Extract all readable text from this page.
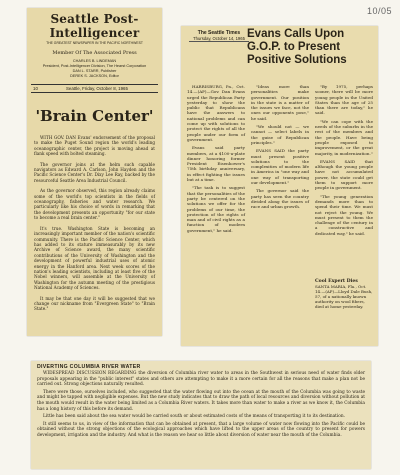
10/05
Seattle Post-Intelligencer
THE GREATEST NEWSPAPER IN THE PACIFIC NORTHWEST
Member Of The Associated Press
CHARLES B. LINDEMAN
President, Post-Intelligencer Division, The Hearst Corporation
DAN L. STARR, Publisher
DEREK S. JACKSON, Editor
10	Seattle, Friday, October 8, 1965
'Brain Center'

WITH GOV. DAN Evans' endorsement of the proposal to make the Puget Sound region the world's leading oceanographic center, the project is moving ahead at flank speed with bolted steaming.

The governor joins at the helm such capable navigators as Edward A. Carlson, John Hayden and the Pacific Science Center's Dr. Dixy Lee Ray, backed by the resourceful Seattle Area Industrial Council.

As the governor observed, this region already claims some of the world's top scientists in the fields of oceanography, fisheries and water research. We particularly like his choice of words in remarking that the development presents an opportunity "for our state to become a real brain center."

It's true. Washington State is becoming an increasingly important member of the nation's scientific community. There is the Pacific Science Center, which has added to its stature immeasurably by its new Archive of Science award, the many scientific contributions of the University of Washington and the development of powerful industrial uses of atomic energy in the Hanford area. Next week scores of the nation's leading scientists, including at least five of the Nobel winners, will assemble at the University of Washington for the autumn meeting of the prestigious National Academy of Sciences.

It may be that one day it will be suggested that we change our nickname from "Evergreen State" to "Brain State."

The Seattle Times
Thursday, October 14, 1965 Evans Calls Upon G.O.P. to Present Positive Solutions

HARRISBURG, Pa., Oct. 14.—(AP)—Gov. Dan Evans urged the Republican Party yesterday to show the public that Republicans have the answers to national problems and can come up with solutions to protect the rights of all the people under our form of government.

Evans said party members, at a $100-a-plate dinner honoring former President Eisenhower's 75th birthday anniversary, in effect fighting the issues but at a time.

"The task is to suggest that the personalities of the party be centered on the solutions we offer for the problems of our time, the protection of the rights of man and of civil rights as a function of modern government," he said.

"Ideas more than personalities make government. Our position in the state is a matter of the issues we face, not the ones our opponents pose," he said.

"We should not — we cannot — select labels in the guise of Republican principles."

EVANS SAID the party must present positive solutions to the complexities of modern life in America in "one way and one way of transporting our development."

The governor said the party has seen the country divided along the issues of race and urban growth.

"By 1975, perhaps sooner, there will be more young people in the United States than the age of 25 than there are today," he said.

"We can cope with the needs of the suburbs in the rest of the members and the people. Have being people exposed to improvement, or the great majority, in modernization."

EVANS SAID that although the young people have not accumulated power, the state could get them to support more people in government.

"The young generation demands more than to spend their time. We must not reject the young. We must present to them the challenge of the century in a constructive and dedicated way," he said.

Cool Expert Dies
SANTA MARIA, Fla., Oct. 14.—(AP)—Lloyd Dale Bush, 57, of a nationally known authority on wool fibers, died at home yesterday.
DIVERTING COLUMBIA RIVER WATER

WIDESPREAD DISCUSSION REGARDING the diversion of Columbia river water to areas in the Southwest in serious need of water finds older proposals appearing in the "public interest" states and others are attempting to make it a more certain for all the reasons that make a plan not be carried out. Strong objections naturally resulted.

There were those, ourselves included, who suggested that the water flowing out into the ocean at the mouth of the Columbia was going to waste and might be tapped with negligible expenses. But the new study indicates that to draw the path of local resources and diversion without pollution at the mouth would result in the water being limited as a Columbia River waters. It takes more than water to make a river as we know it, the Columbia has a long history of this before its demand.

Little has been said about the sea water would be carried south or about estimated costs of the means of transporting it to its destination.

It still seems to us, in view of the information that can be obtained at present, that a large volume of water now flowing into the Pacific could be obtained without the strong objections of the ecological approaches which have lifted to the upper areas of the country to present for powers development, irrigation and the industry. And what is the reason we hear so little about diversion of water near the mouth of the Columbia.
